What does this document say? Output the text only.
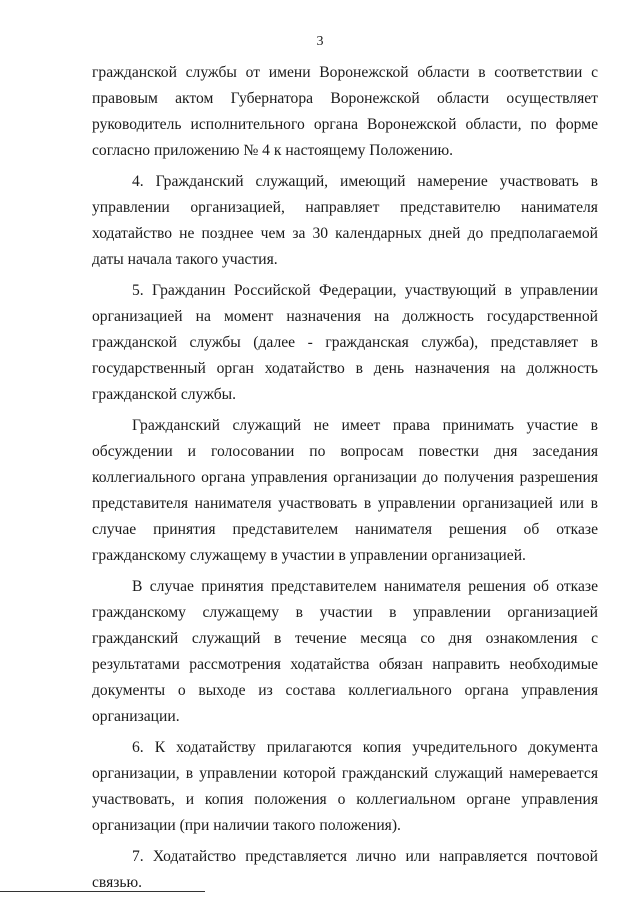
3

гражданской службы от имени Воронежской области в соответствии с правовым актом Губернатора Воронежской области осуществляет руководитель исполнительного органа Воронежской области, по форме согласно приложению № 4 к настоящему Положению.

4. Гражданский служащий, имеющий намерение участвовать в управлении организацией, направляет представителю нанимателя ходатайство не позднее чем за 30 календарных дней до предполагаемой даты начала такого участия.

5. Гражданин Российской Федерации, участвующий в управлении организацией на момент назначения на должность государственной гражданской службы (далее - гражданская служба), представляет в государственный орган ходатайство в день назначения на должность гражданской службы.

Гражданский служащий не имеет права принимать участие в обсуждении и голосовании по вопросам повестки дня заседания коллегиального органа управления организации до получения разрешения представителя нанимателя участвовать в управлении организацией или в случае принятия представителем нанимателя решения об отказе гражданскому служащему в участии в управлении организацией.

В случае принятия представителем нанимателя решения об отказе гражданскому служащему в участии в управлении организацией гражданский служащий в течение месяца со дня ознакомления с результатами рассмотрения ходатайства обязан направить необходимые документы о выходе из состава коллегиального органа управления организации.

6. К ходатайству прилагаются копия учредительного документа организации, в управлении которой гражданский служащий намеревается участвовать, и копия положения о коллегиальном органе управления организации (при наличии такого положения).

7. Ходатайство представляется лично или направляется почтовой связью.
